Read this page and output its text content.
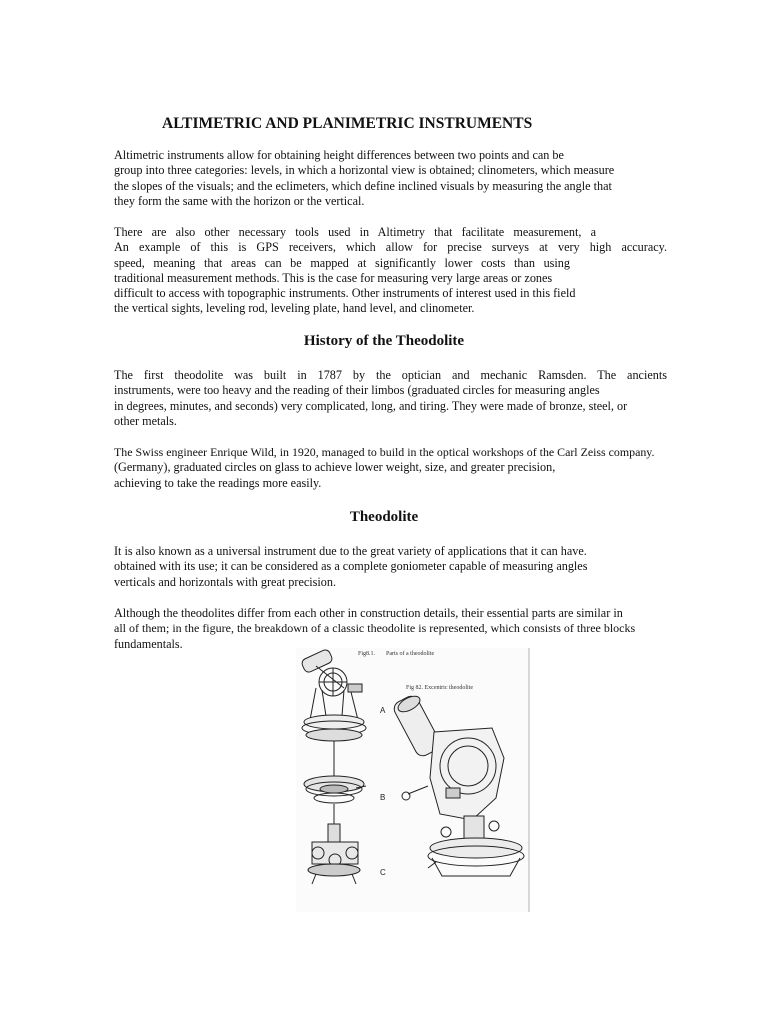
ALTIMETRIC AND PLANIMETRIC INSTRUMENTS
Altimetric instruments allow for obtaining height differences between two points and can be
group into three categories: levels, in which a horizontal view is obtained; clinometers, which measure
the slopes of the visuals; and the eclimeters, which define inclined visuals by measuring the angle that
they form the same with the horizon or the vertical.
There are also other necessary tools used in Altimetry that facilitate measurement, a
An example of this is GPS receivers, which allow for precise surveys at very high accuracy.
speed, meaning that areas can be mapped at significantly lower costs than using
traditional measurement methods. This is the case for measuring very large areas or zones
difficult to access with topographic instruments. Other instruments of interest used in this field
the vertical sights, leveling rod, leveling plate, hand level, and clinometer.
History of the Theodolite
The first theodolite was built in 1787 by the optician and mechanic Ramsden. The ancients
instruments, were too heavy and the reading of their limbos (graduated circles for measuring angles
in degrees, minutes, and seconds) very complicated, long, and tiring. They were made of bronze, steel, or
other metals.
The Swiss engineer Enrique Wild, in 1920, managed to build in the optical workshops of the Carl Zeiss company.
(Germany), graduated circles on glass to achieve lower weight, size, and greater precision,
achieving to take the readings more easily.
Theodolite
It is also known as a universal instrument due to the great variety of applications that it can have.
obtained with its use; it can be considered as a complete goniometer capable of measuring angles
verticals and horizontals with great precision.
Although the theodolites differ from each other in construction details, their essential parts are similar in
all of them; in the figure, the breakdown of a classic theodolite is represented, which consists of three blocks
fundamentals.
Fig8.1. Parts of a theodolite
Fig 82. Excentric theodolite
A
B
C
